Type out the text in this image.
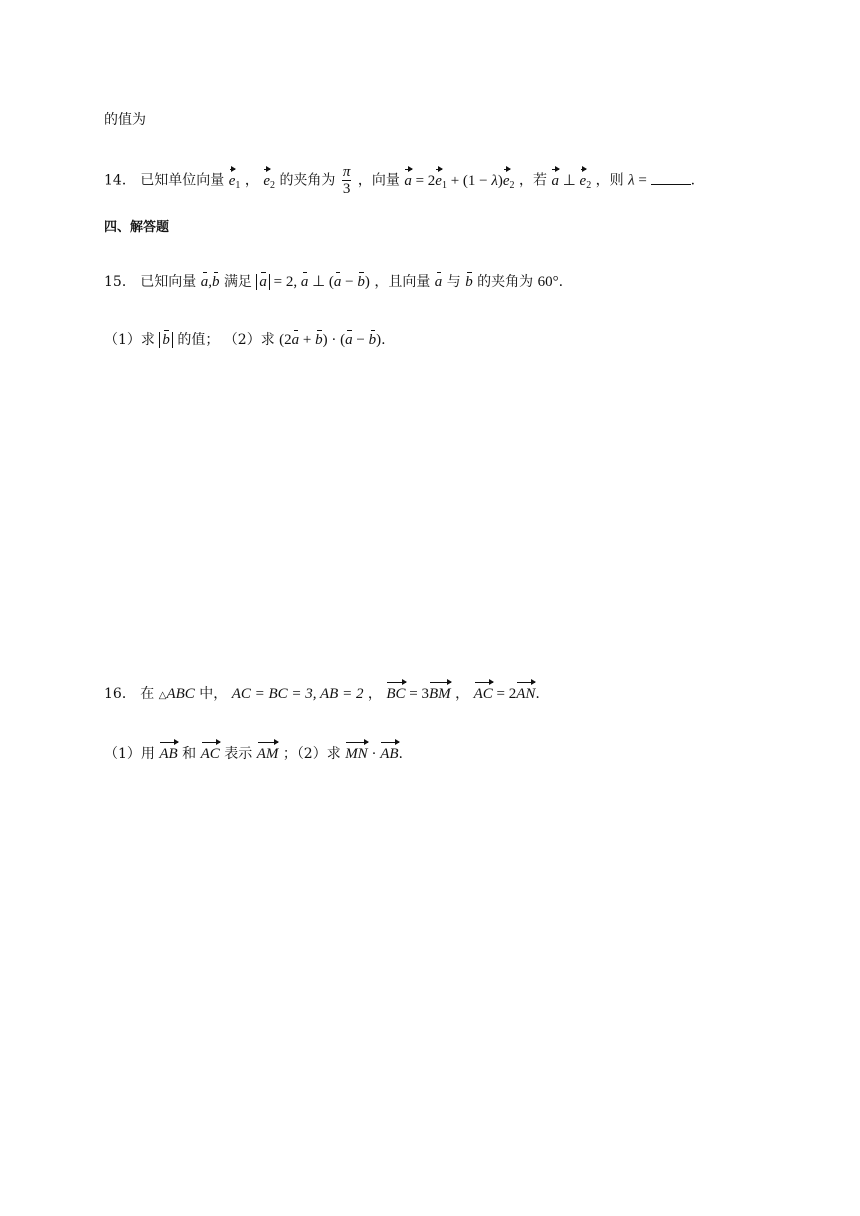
的值为
14． 已知单位向量 $e_1$ ， $e_2$ 的夹角为 $\frac{\pi}{3}$ ，向量 $a = 2e_1 + (1 - \lambda)e_2$ ，若 a ⊥ $e_2$ ，则 λ =	.
四、解答题
15． 已知向量 a,b 满足 a = 2, a ⊥ (a − b) ，且向量 a 与 b 的夹角为 60°.
（1）求 b 的值； （2）求 (2a + b) · (a − b).
16． 在 △ABC 中， AC = BC = 3, AB = 2 ， BC = 3BM ， AC = 2AN.
（1）用 AB 和 AC 表示 AM ；（2）求 MN · AB.
